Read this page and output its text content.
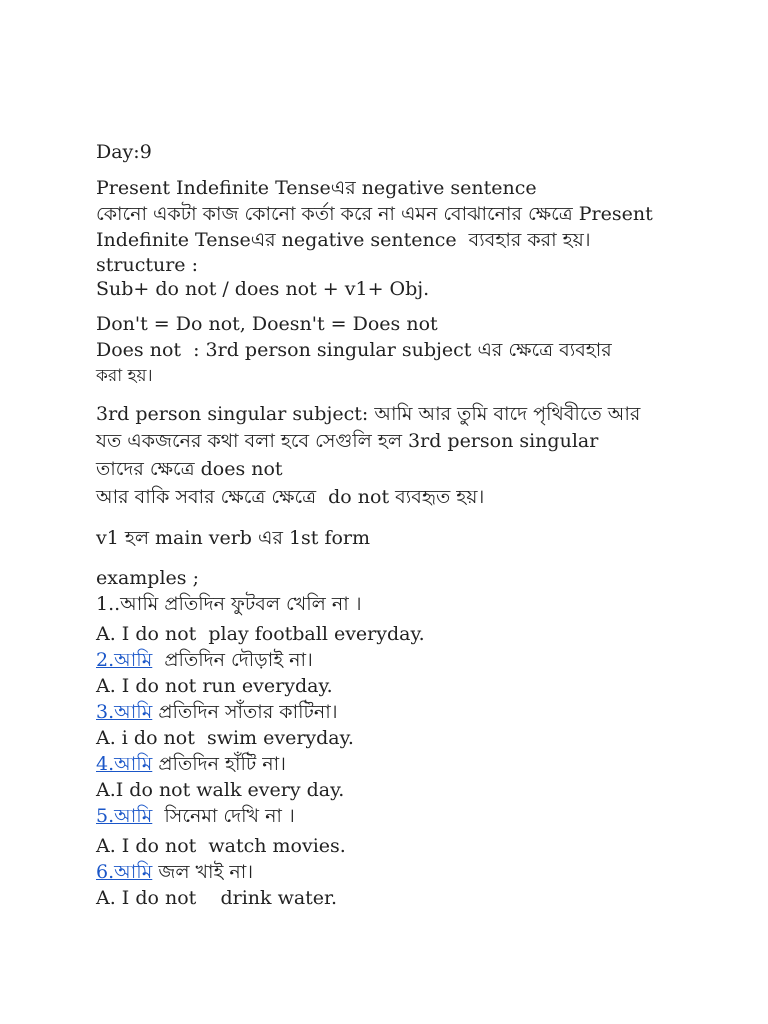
Day:9
Present Indefinite Tenseএর negative sentence
কোনো একটা কাজ কোনো কর্তা করে না এমন বোঝানোর ক্ষেত্রে Present
Indefinite Tenseএর negative sentence  ব্যবহার করা হয়।
structure :
Sub+ do not / does not + v1+ Obj.
Don't = Do not, Doesn't = Does not
Does not  : 3rd person singular subject এর ক্ষেত্রে ব্যবহার
করা হয়।
3rd person singular subject: আমি আর তুমি বাদে পৃথিবীতে আর
যত একজনের কথা বলা হবে সেগুলি হল 3rd person singular
তাদের ক্ষেত্রে does not
আর বাকি সবার ক্ষেত্রে ক্ষেত্রে  do not ব্যবহৃত হয়।
v1 হল main verb এর 1st form
examples ;
1..আমি প্রতিদিন ফুটবল খেলি না ।
A. I do not  play football everyday.
2.আমি  প্রতিদিন দৌড়াই না।
A. I do not run everyday.
3.আমি প্রতিদিন সাঁতার কাটিনা।
A. i do not  swim everyday.
4.আমি প্রতিদিন হাঁটি না।
A.I do not walk every day.
5.আমি  সিনেমা দেখি না ।
A. I do not  watch movies.
6.আমি জল খাই না।
A. I do not    drink water.
